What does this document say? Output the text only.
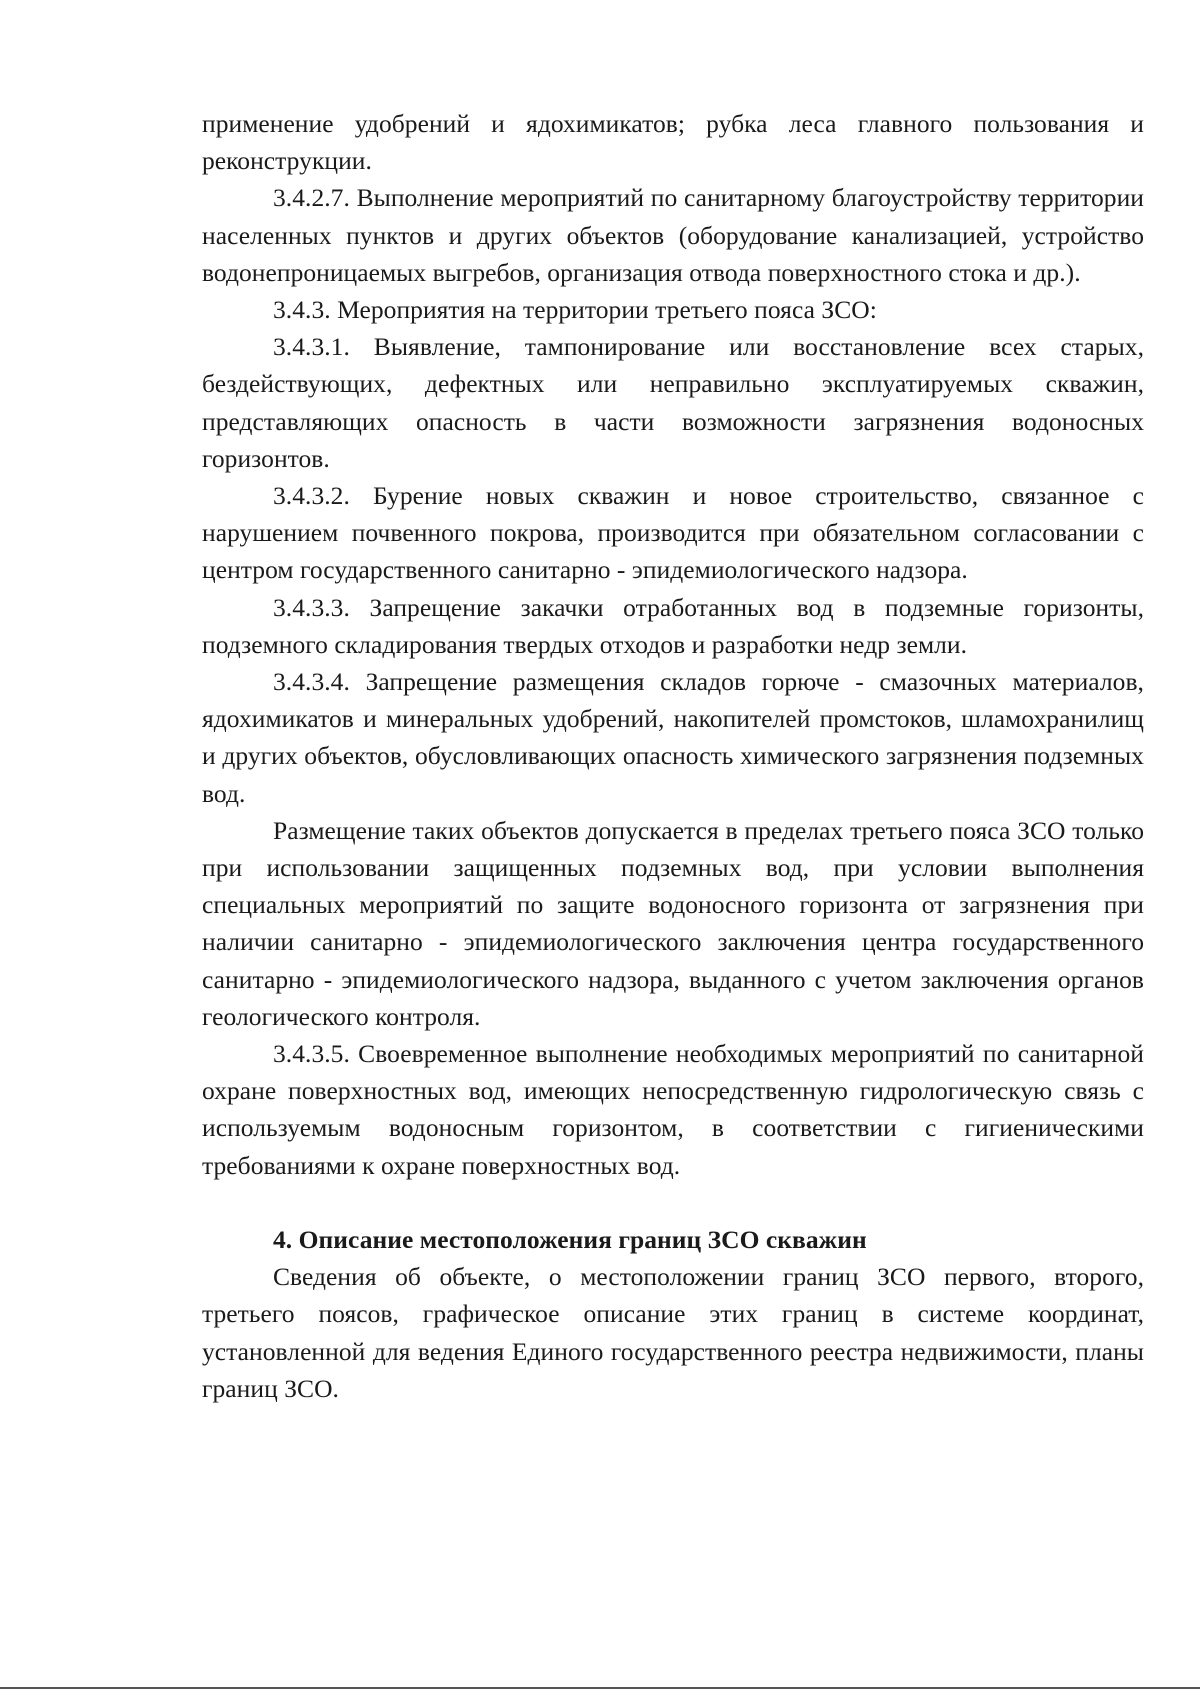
применение удобрений и ядохимикатов; рубка леса главного пользования и реконструкции.

3.4.2.7. Выполнение мероприятий по санитарному благоустройству территории населенных пунктов и других объектов (оборудование канализацией, устройство водонепроницаемых выгребов, организация отвода поверхностного стока и др.).

3.4.3. Мероприятия на территории третьего пояса ЗСО:

3.4.3.1. Выявление, тампонирование или восстановление всех старых, бездействующих, дефектных или неправильно эксплуатируемых скважин, представляющих опасность в части возможности загрязнения водоносных горизонтов.

3.4.3.2. Бурение новых скважин и новое строительство, связанное с нарушением почвенного покрова, производится при обязательном согласовании с центром государственного санитарно - эпидемиологического надзора.

3.4.3.3. Запрещение закачки отработанных вод в подземные горизонты, подземного складирования твердых отходов и разработки недр земли.

3.4.3.4. Запрещение размещения складов горюче - смазочных материалов, ядохимикатов и минеральных удобрений, накопителей промстоков, шламохранилищ и других объектов, обусловливающих опасность химического загрязнения подземных вод.

Размещение таких объектов допускается в пределах третьего пояса ЗСО только при использовании защищенных подземных вод, при условии выполнения специальных мероприятий по защите водоносного горизонта от загрязнения при наличии санитарно - эпидемиологического заключения центра государственного санитарно - эпидемиологического надзора, выданного с учетом заключения органов геологического контроля.

3.4.3.5. Своевременное выполнение необходимых мероприятий по санитарной охране поверхностных вод, имеющих непосредственную гидрологическую связь с используемым водоносным горизонтом, в соответствии с гигиеническими требованиями к охране поверхностных вод.

4. Описание местоположения границ ЗСО скважин

Сведения об объекте, о местоположении границ ЗСО первого, второго, третьего поясов, графическое описание этих границ в системе координат, установленной для ведения Единого государственного реестра недвижимости, планы границ ЗСО.
